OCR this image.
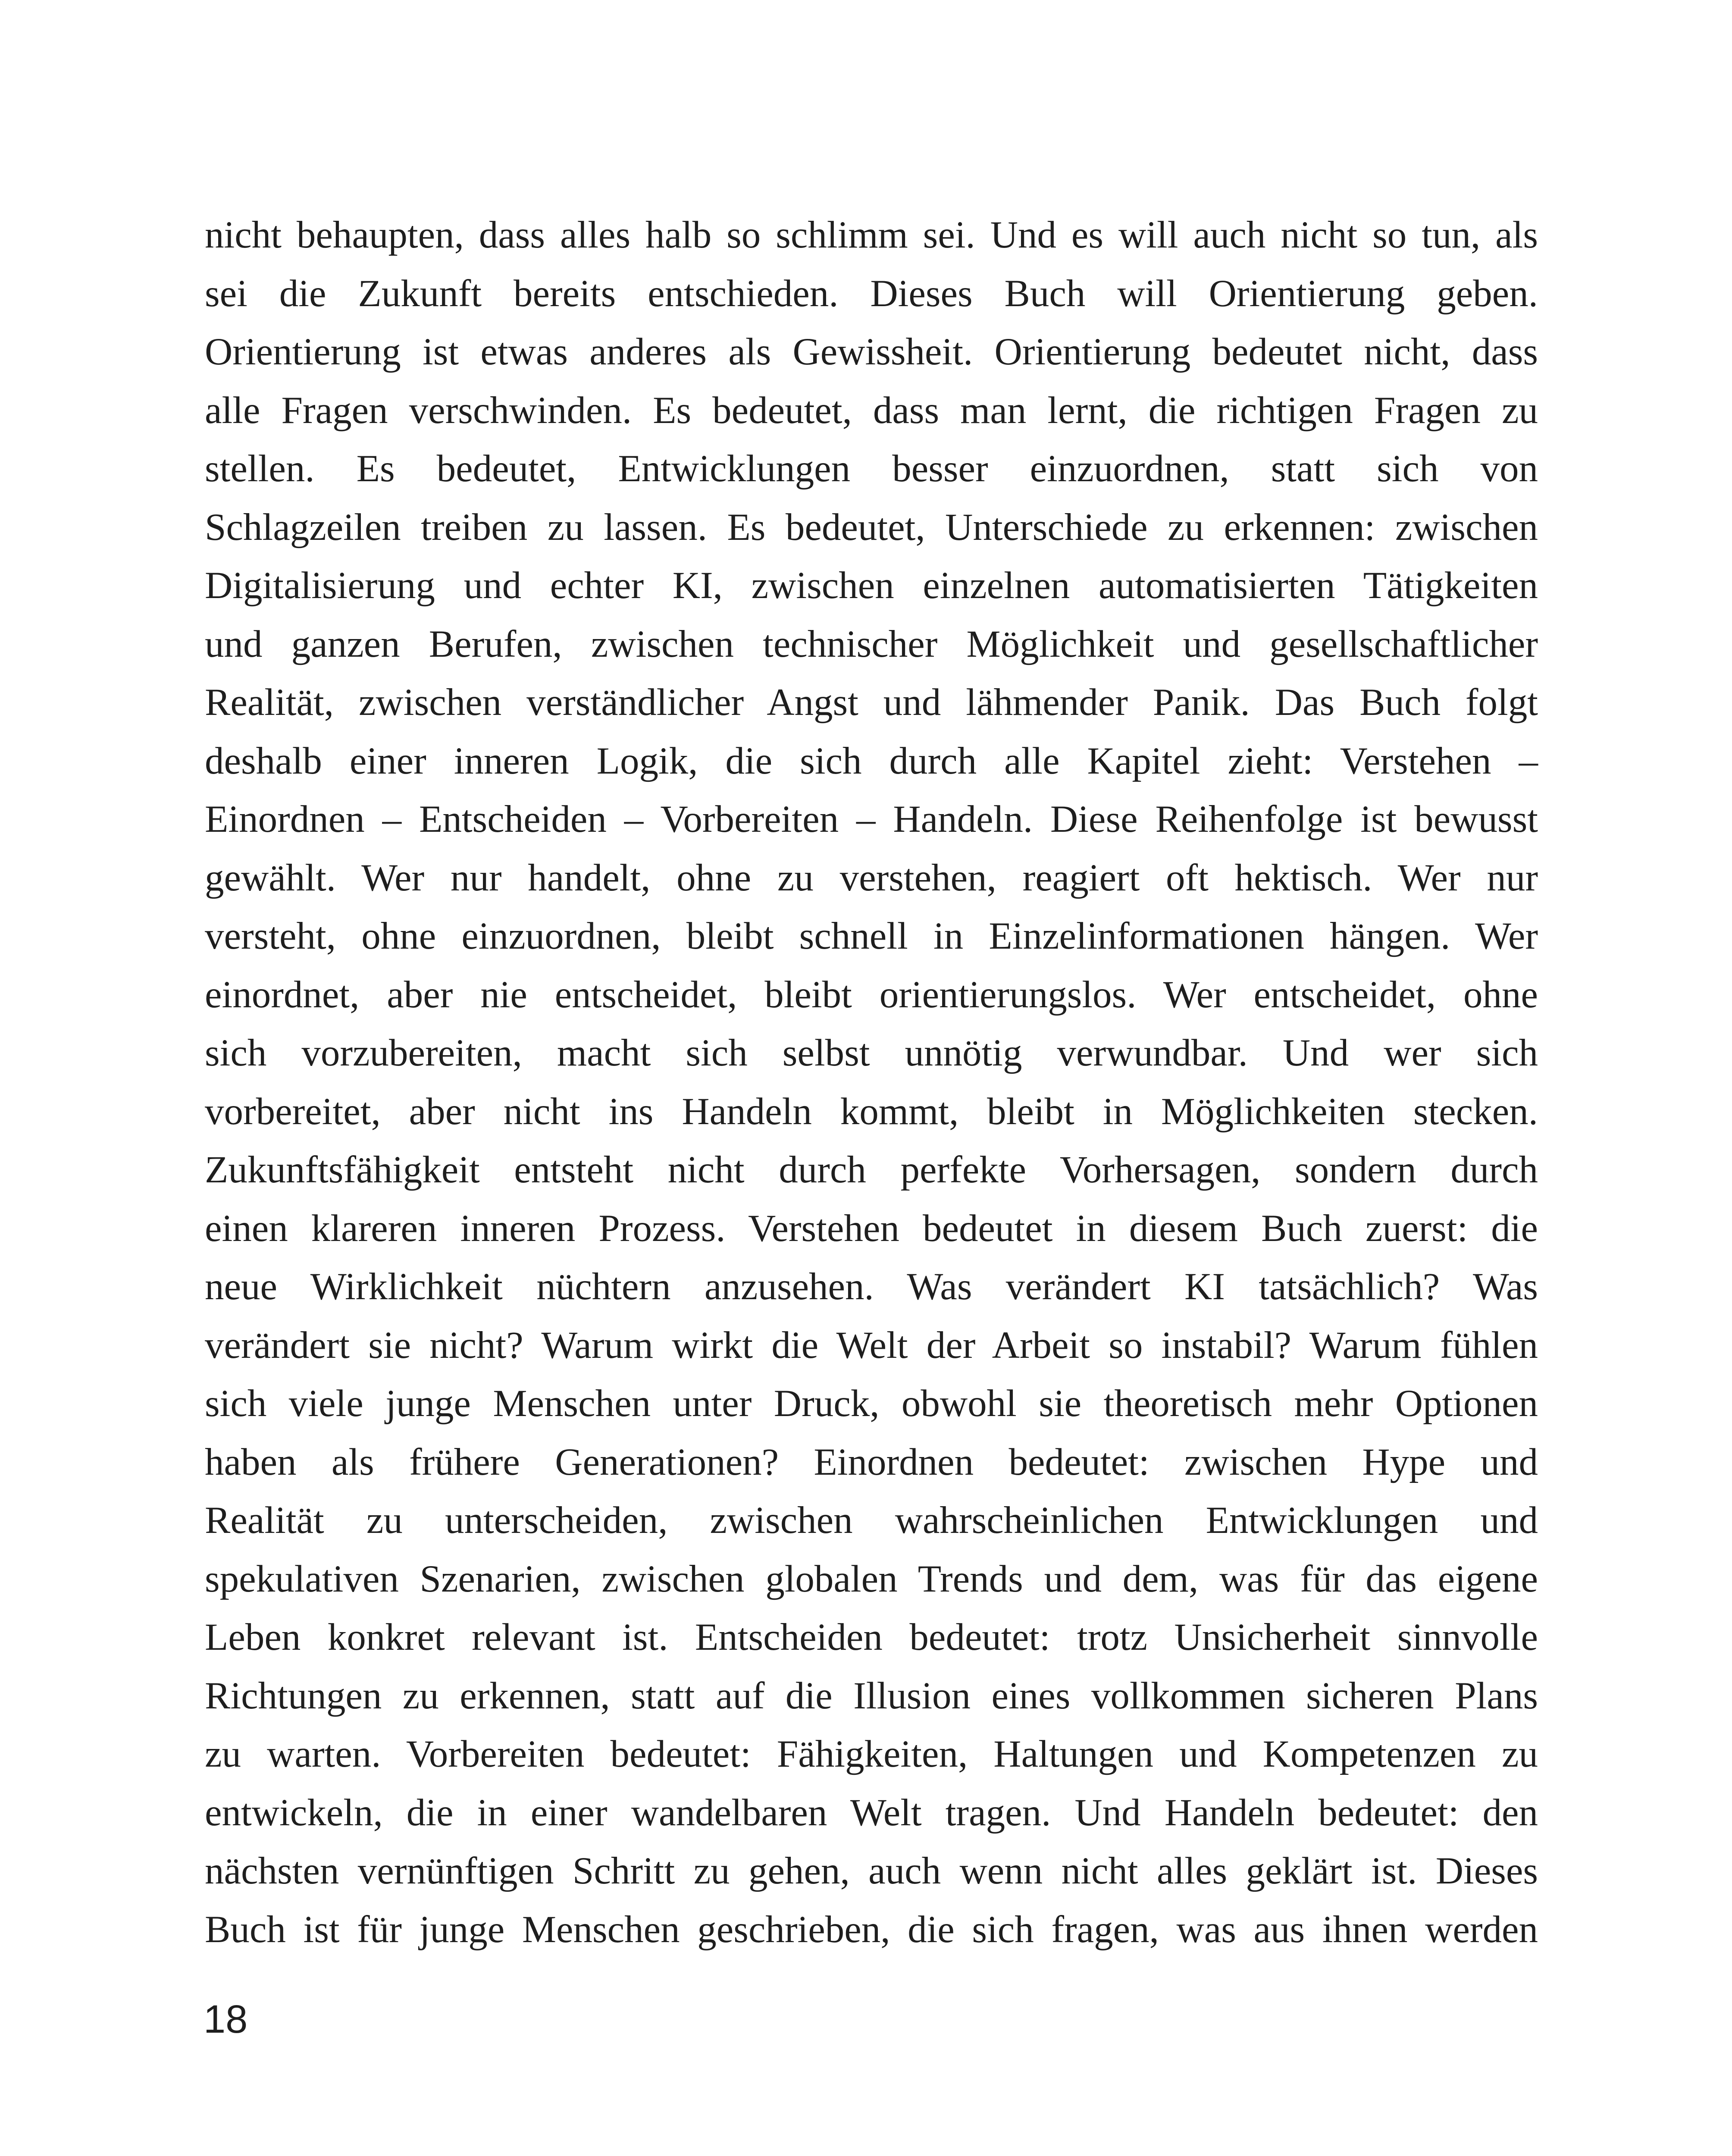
nicht behaupten, dass alles halb so schlimm sei. Und es will auch nicht so tun, als
sei die Zukunft bereits entschieden. Dieses Buch will Orientierung geben.
Orientierung ist etwas anderes als Gewissheit. Orientierung bedeutet nicht, dass
alle Fragen verschwinden. Es bedeutet, dass man lernt, die richtigen Fragen zu
stellen. Es bedeutet, Entwicklungen besser einzuordnen, statt sich von
Schlagzeilen treiben zu lassen. Es bedeutet, Unterschiede zu erkennen: zwischen
Digitalisierung und echter KI, zwischen einzelnen automatisierten Tätigkeiten
und ganzen Berufen, zwischen technischer Möglichkeit und gesellschaftlicher
Realität, zwischen verständlicher Angst und lähmender Panik. Das Buch folgt
deshalb einer inneren Logik, die sich durch alle Kapitel zieht: Verstehen –
Einordnen – Entscheiden – Vorbereiten – Handeln. Diese Reihenfolge ist bewusst
gewählt. Wer nur handelt, ohne zu verstehen, reagiert oft hektisch. Wer nur
versteht, ohne einzuordnen, bleibt schnell in Einzelinformationen hängen. Wer
einordnet, aber nie entscheidet, bleibt orientierungslos. Wer entscheidet, ohne
sich vorzubereiten, macht sich selbst unnötig verwundbar. Und wer sich
vorbereitet, aber nicht ins Handeln kommt, bleibt in Möglichkeiten stecken.
Zukunftsfähigkeit entsteht nicht durch perfekte Vorhersagen, sondern durch
einen klareren inneren Prozess. Verstehen bedeutet in diesem Buch zuerst: die
neue Wirklichkeit nüchtern anzusehen. Was verändert KI tatsächlich? Was
verändert sie nicht? Warum wirkt die Welt der Arbeit so instabil? Warum fühlen
sich viele junge Menschen unter Druck, obwohl sie theoretisch mehr Optionen
haben als frühere Generationen? Einordnen bedeutet: zwischen Hype und
Realität zu unterscheiden, zwischen wahrscheinlichen Entwicklungen und
spekulativen Szenarien, zwischen globalen Trends und dem, was für das eigene
Leben konkret relevant ist. Entscheiden bedeutet: trotz Unsicherheit sinnvolle
Richtungen zu erkennen, statt auf die Illusion eines vollkommen sicheren Plans
zu warten. Vorbereiten bedeutet: Fähigkeiten, Haltungen und Kompetenzen zu
entwickeln, die in einer wandelbaren Welt tragen. Und Handeln bedeutet: den
nächsten vernünftigen Schritt zu gehen, auch wenn nicht alles geklärt ist. Dieses
Buch ist für junge Menschen geschrieben, die sich fragen, was aus ihnen werden
18
